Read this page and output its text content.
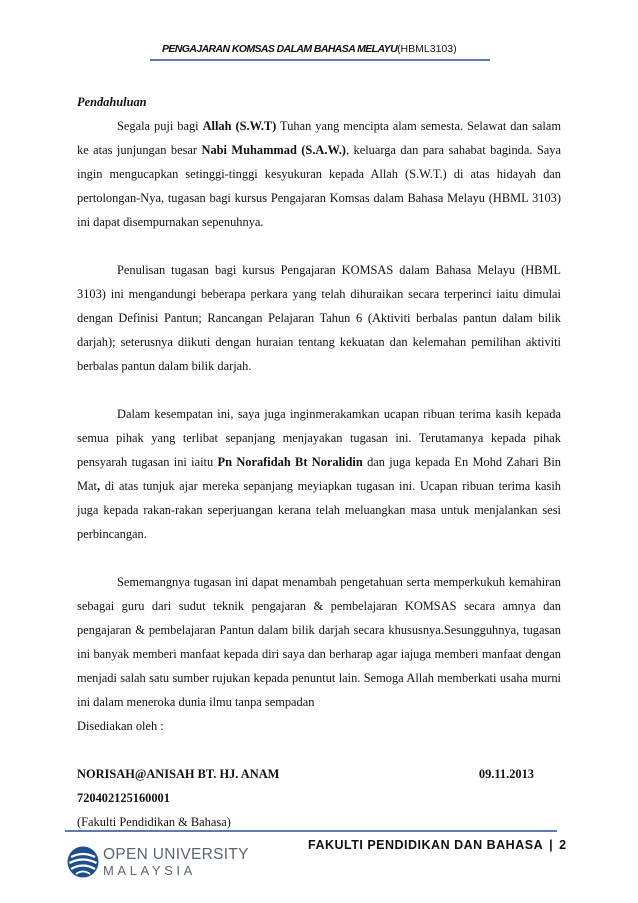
PENGAJARAN KOMSAS DALAM BAHASA MELAYU(HBML3103)

Pendahuluan

Segala puji bagi Allah (S.W.T) Tuhan yang mencipta alam semesta. Selawat dan salam ke atas junjungan besar Nabi Muhammad (S.A.W.), keluarga dan para sahabat baginda. Saya ingin mengucapkan setinggi-tinggi kesyukuran kepada Allah (S.W.T.) di atas hidayah dan pertolongan-Nya, tugasan bagi kursus Pengajaran Komsas dalam Bahasa Melayu (HBML 3103) ini dapat disempurnakan sepenuhnya.

Penulisan tugasan bagi kursus Pengajaran KOMSAS dalam Bahasa Melayu (HBML 3103) ini mengandungi beberapa perkara yang telah dihuraikan secara terperinci iaitu dimulai dengan Definisi Pantun; Rancangan Pelajaran Tahun 6 (Aktiviti berbalas pantun dalam bilik darjah); seterusnya diikuti dengan huraian tentang kekuatan dan kelemahan pemilihan aktiviti berbalas pantun dalam bilik darjah.

Dalam kesempatan ini, saya juga inginmerakamkan ucapan ribuan terima kasih kepada semua pihak yang terlibat sepanjang menjayakan tugasan ini. Terutamanya kepada pihak pensyarah tugasan ini iaitu Pn Norafidah Bt Noralidin dan juga kepada En Mohd Zahari Bin Mat, di atas tunjuk ajar mereka sepanjang meyiapkan tugasan ini. Ucapan ribuan terima kasih juga kepada rakan-rakan seperjuangan kerana telah meluangkan masa untuk menjalankan sesi perbincangan.

Sememangnya tugasan ini dapat menambah pengetahuan serta memperkukuh kemahiran sebagai guru dari sudut teknik pengajaran & pembelajaran KOMSAS secara amnya dan pengajaran & pembelajaran Pantun dalam bilik darjah secara khusus​nya.Sesungguhnya, tugasan ini banyak memberi manfaat kepada diri saya dan berharap agar iajuga memberi manfaat dengan menjadi salah satu sumber rujukan kepada penuntut lain. Semoga Allah memberkati usaha murni ini dalam meneroka dunia ilmu tanpa sempadan

Disediakan oleh :

NORISAH@ANISAH BT. HJ. ANAM	09.11.2013

720402125160001

(Fakulti Pendidikan & Bahasa)

OPEN UNIVERSITY
MALAYSIA
FAKULTI PENDIDIKAN DAN BAHASA | 2
